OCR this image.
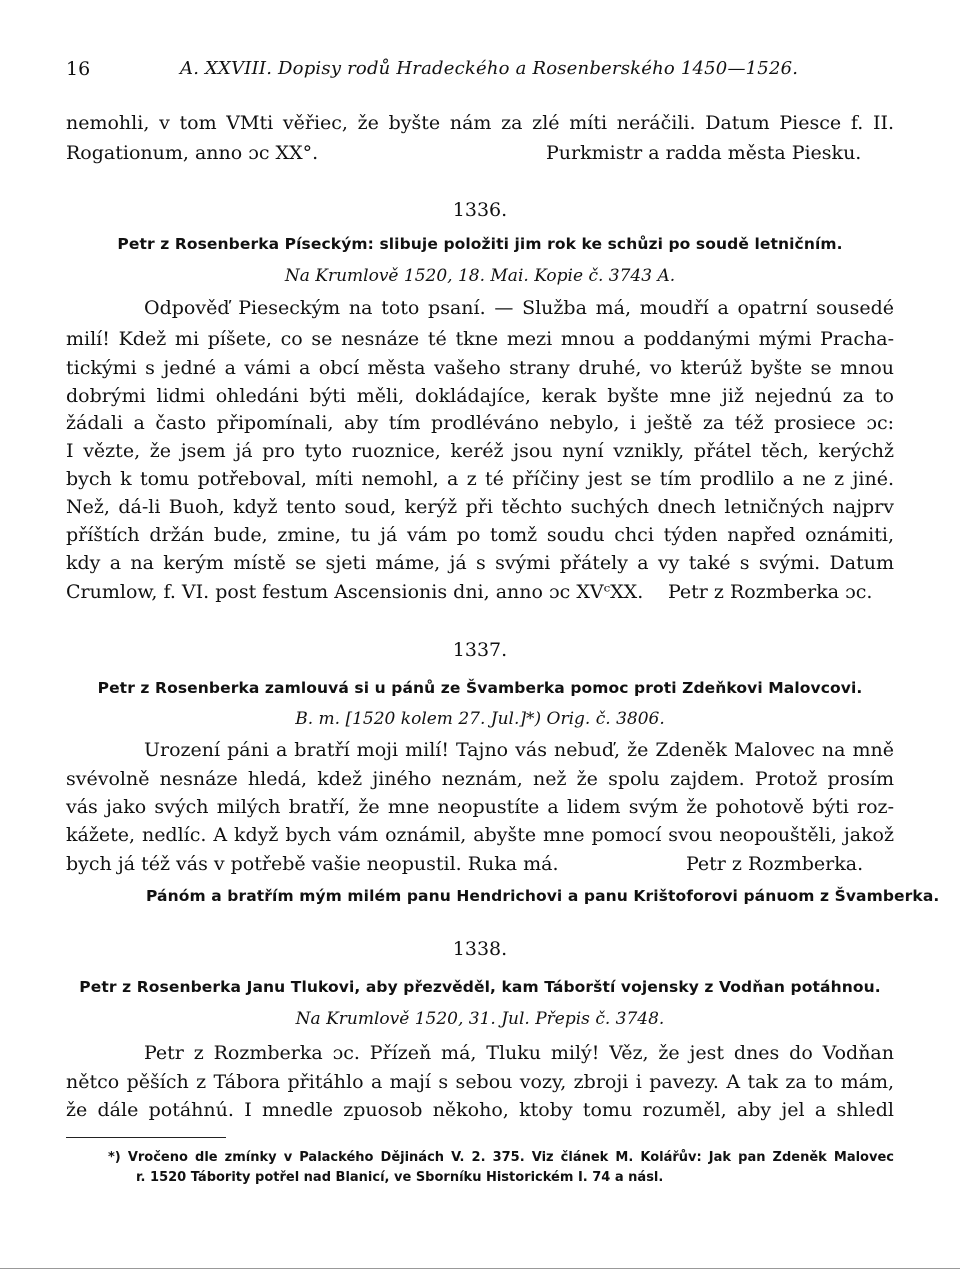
16	A. XXVIII. Dopisy rodů Hradeckého a Rosenberského 1450—1526.
nemohli, v tom VMti věřiec, že byšte nám za zlé míti neráčili. Datum Piesce f. II.
Rogationum, anno ɔc XX°.	Purkmistr a radda města Piesku.
1336.
Petr z Rosenberka Píseckým: slibuje položiti jim rok ke schůzi po soudě letničním.
Na Krumlově 1520, 18. Mai. Kopie č. 3743 A.
Odpověď Pieseckým na toto psaní. — Služba má, moudří a opatrní sousedé
milí! Kdež mi píšete, co se nesnáze té tkne mezi mnou a poddanými mými Pracha-
tickými s jedné a vámi a obcí města vašeho strany druhé, vo kterúž byšte se mnou
dobrými lidmi ohledáni býti měli, dokládajíce, kerak byšte mne již nejednú za to
žádali a často připomínali, aby tím prodléváno nebylo, i ještě za též prosiece ɔc:
I vězte, že jsem já pro tyto ruoznice, keréž jsou nyní vznikly, přátel těch, kerýchž
bych k tomu potřeboval, míti nemohl, a z té příčiny jest se tím prodlilo a ne z jiné.
Než, dá-li Buoh, když tento soud, kerýž při těchto suchých dnech letničných najprv
příštích držán bude, zmine, tu já vám po tomž soudu chci týden napřed oznámiti,
kdy a na kerým místě se sjeti máme, já s svými přátely a vy také s svými. Datum
Crumlow, f. VI. post festum Ascensionis dni, anno ɔc XVᶜXX. Petr z Rozmberka ɔc.
1337.
Petr z Rosenberka zamlouvá si u pánů ze Švamberka pomoc proti Zdeňkovi Malovcovi.
B. m. [1520 kolem 27. Jul.]*) Orig. č. 3806.
Urození páni a bratří moji milí! Tajno vás nebuď, že Zdeněk Malovec na mně
svévolně nesnáze hledá, kdež jiného neznám, než že spolu zajdem. Protož prosím
vás jako svých milých bratří, že mne neopustíte a lidem svým že pohotově býti roz-
kážete, nedlíc. A když bych vám oznámil, abyšte mne pomocí svou neopouštěli, jakož
bych já též vás v potřebě vašie neopustil. Ruka má.	Petr z Rozmberka.
Pánóm a bratřím mým milém panu Hendrichovi a panu Krištoforovi pánuom z Švamberka.
1338.
Petr z Rosenberka Janu Tlukovi, aby přezvěděl, kam Táborští vojensky z Vodňan potáhnou.
Na Krumlově 1520, 31. Jul. Přepis č. 3748.
Petr z Rozmberka ɔc. Přízeň má, Tluku milý! Věz, že jest dnes do Vodňan
nětco pěších z Tábora přitáhlo a mají s sebou vozy, zbroji i pavezy. A tak za to mám,
že dále potáhnú. I mnedle zpuosob někoho, ktoby tomu rozuměl, aby jel a shledl
*) Vročeno dle zmínky v Palackého Dějinách V. 2. 375. Viz článek M. Kolářův: Jak pan Zdeněk Malovec
r. 1520 Tábority potřel nad Blanicí, ve Sborníku Historickém I. 74 a násl.
